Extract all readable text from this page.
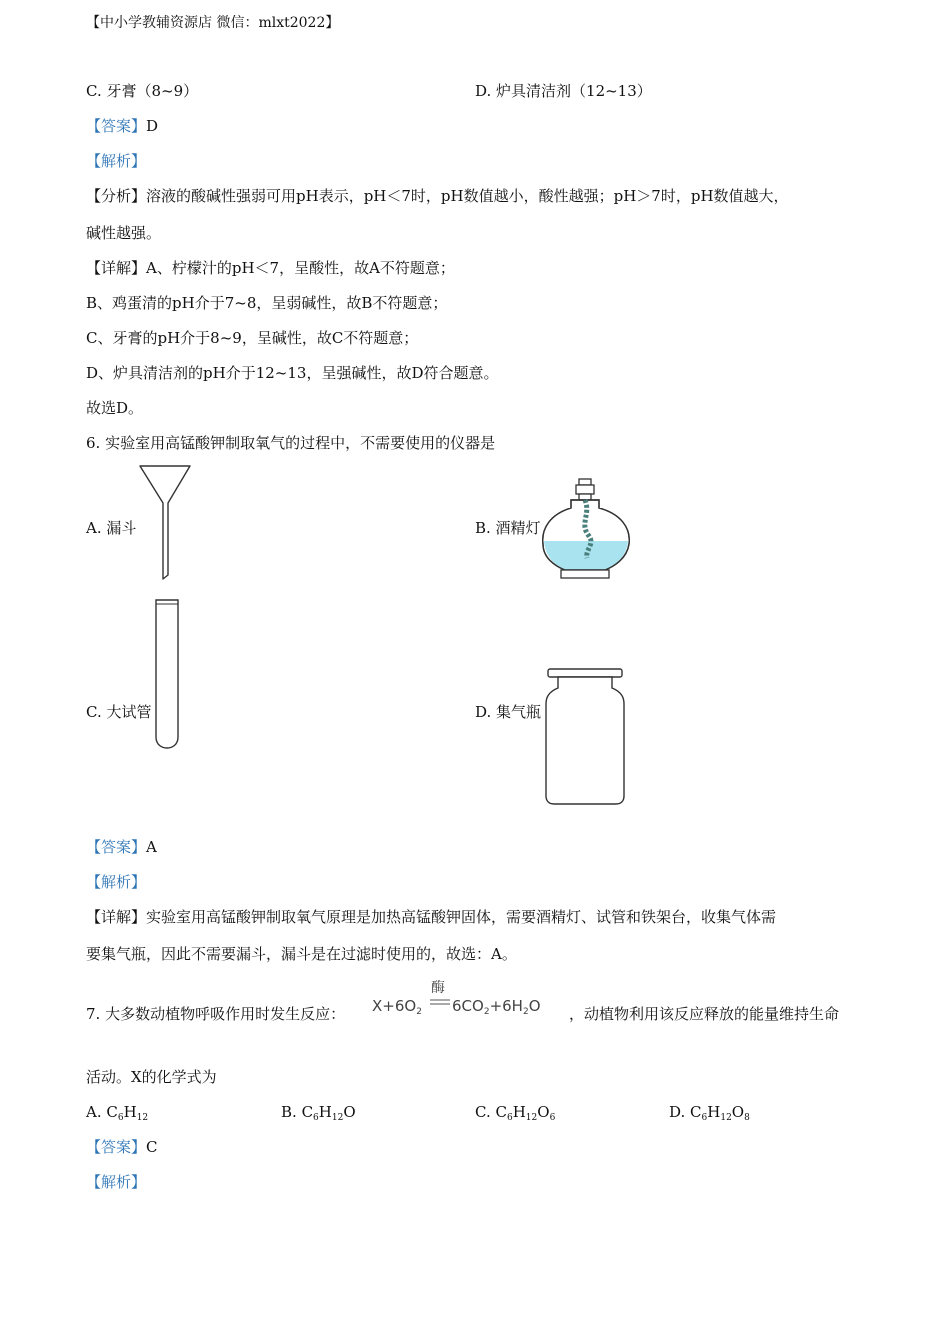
【中小学教辅资源店 微信：mlxt2022】
C. 牙膏（8~9）	D. 炉具清洁剂（12~13）
【答案】D
【解析】
【分析】溶液的酸碱性强弱可用pH表示，pH＜7时，pH数值越小，酸性越强；pH＞7时，pH数值越大，
碱性越强。
【详解】A、柠檬汁的pH＜7，呈酸性，故A不符题意；
B、鸡蛋清的pH介于7~8，呈弱碱性，故B不符题意；
C、牙膏的pH介于8~9，呈碱性，故C不符题意；
D、炉具清洁剂的pH介于12~13，呈强碱性，故D符合题意。
故选D。
6. 实验室用高锰酸钾制取氧气的过程中，不需要使用的仪器是
A. 漏斗	B. 酒精灯
C. 大试管	D. 集气瓶
【答案】A
【解析】
【详解】实验室用高锰酸钾制取氧气原理是加热高锰酸钾固体，需要酒精灯、试管和铁架台，收集气体需
要集气瓶，因此不需要漏斗，漏斗是在过滤时使用的，故选：A。
7. 大多数动植物呼吸作用时发生反应：
酶
$X+6O_2$ $6CO_2+6H_2O$ ，动植物利用该反应释放的能量维持生命
活动。X的化学式为
A. $C_6H_{12}$	B. $C_6H_{12}O$	C. $C_6H_{12}O_6$	D. $C_6H_{12}O_8$
【答案】C
【解析】
